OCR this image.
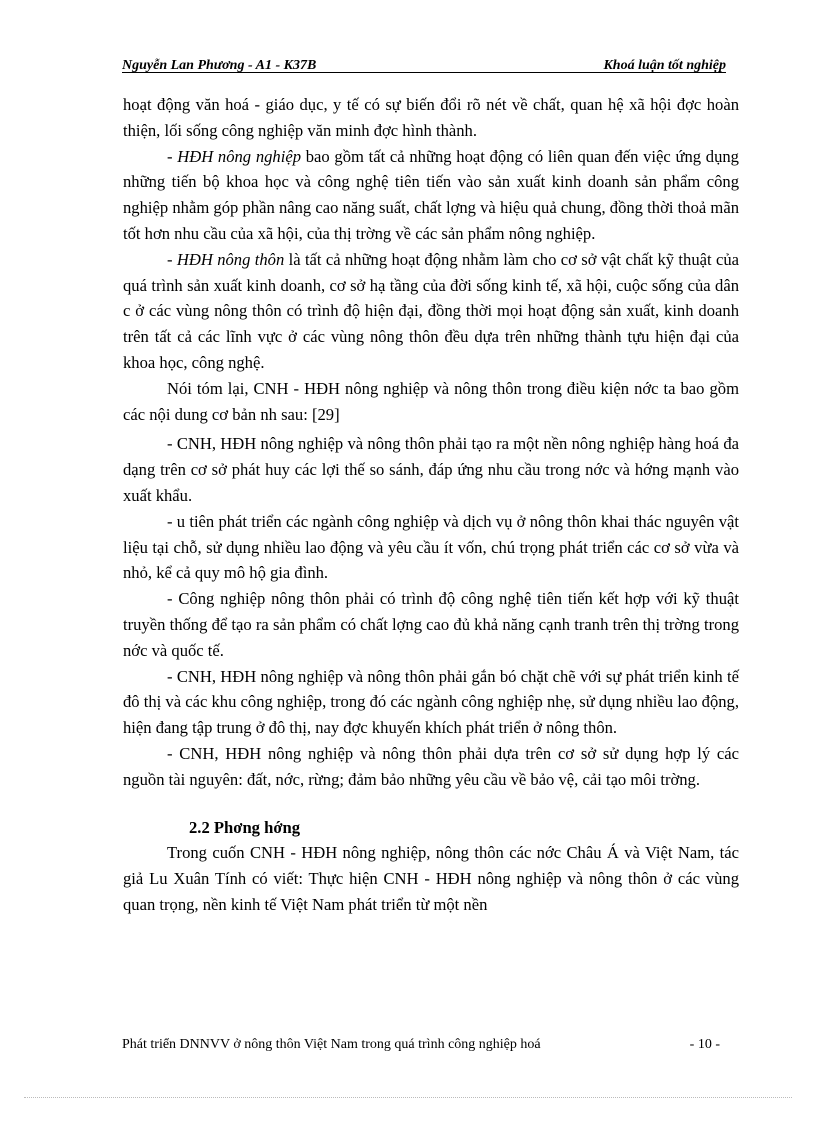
Nguyễn Lan Phương - A1 - K37B	Khoá luận tốt nghiệp

hoạt động văn hoá - giáo dục, y tế có sự biến đổi rõ nét về chất, quan hệ xã hội đợc hoàn thiện, lối sống công nghiệp văn minh đợc hình thành.

- HĐH nông nghiệp bao gồm tất cả những hoạt động có liên quan đến việc ứng dụng những tiến bộ khoa học và công nghệ tiên tiến vào sản xuất kinh doanh sản phẩm công nghiệp nhằm góp phần nâng cao năng suất, chất lợng và hiệu quả chung, đồng thời thoả mãn tốt hơn nhu cầu của xã hội, của thị trờng về các sản phẩm nông nghiệp.

- HĐH nông thôn là tất cả những hoạt động nhằm làm cho cơ sở vật chất kỹ thuật của quá trình sản xuất kinh doanh, cơ sở hạ tầng của đời sống kinh tế, xã hội, cuộc sống của dân c ở các vùng nông thôn có trình độ hiện đại, đồng thời mọi hoạt động sản xuất, kinh doanh trên tất cả các lĩnh vực ở các vùng nông thôn đều dựa trên những thành tựu hiện đại của khoa học, công nghệ.

Nói tóm lại, CNH - HĐH nông nghiệp và nông thôn trong điều kiện nớc ta bao gồm các nội dung cơ bản nh sau: [29]

- CNH, HĐH nông nghiệp và nông thôn phải tạo ra một nền nông nghiệp hàng hoá đa dạng trên cơ sở phát huy các lợi thế so sánh, đáp ứng nhu cầu trong nớc và hớng mạnh vào xuất khẩu.

- u tiên phát triển các ngành công nghiệp và dịch vụ ở nông thôn khai thác nguyên vật liệu tại chỗ, sử dụng nhiều lao động và yêu cầu ít vốn, chú trọng phát triển các cơ sở vừa và nhỏ, kể cả quy mô hộ gia đình.

- Công nghiệp nông thôn phải có trình độ công nghệ tiên tiến kết hợp với kỹ thuật truyền thống để tạo ra sản phẩm có chất lợng cao đủ khả năng cạnh tranh trên thị trờng trong nớc và quốc tế.

- CNH, HĐH nông nghiệp và nông thôn phải gắn bó chặt chẽ với sự phát triển kinh tế đô thị và các khu công nghiệp, trong đó các ngành công nghiệp nhẹ, sử dụng nhiều lao động, hiện đang tập trung ở đô thị, nay đợc khuyến khích phát triển ở nông thôn.

- CNH, HĐH nông nghiệp và nông thôn phải dựa trên cơ sở sử dụng hợp lý các nguồn tài nguyên: đất, nớc, rừng; đảm bảo những yêu cầu về bảo vệ, cải tạo môi trờng.

2.2 Phơng hớng

Trong cuốn CNH - HĐH nông nghiệp, nông thôn các nớc Châu Á và Việt Nam, tác giả Lu Xuân Tính có viết: Thực hiện CNH - HĐH nông nghiệp và nông thôn ở các vùng quan trọng, nền kinh tế Việt Nam phát triển từ một nền

Phát triển DNNVV ở nông thôn Việt Nam trong quá trình công nghiệp hoá	- 10 -
